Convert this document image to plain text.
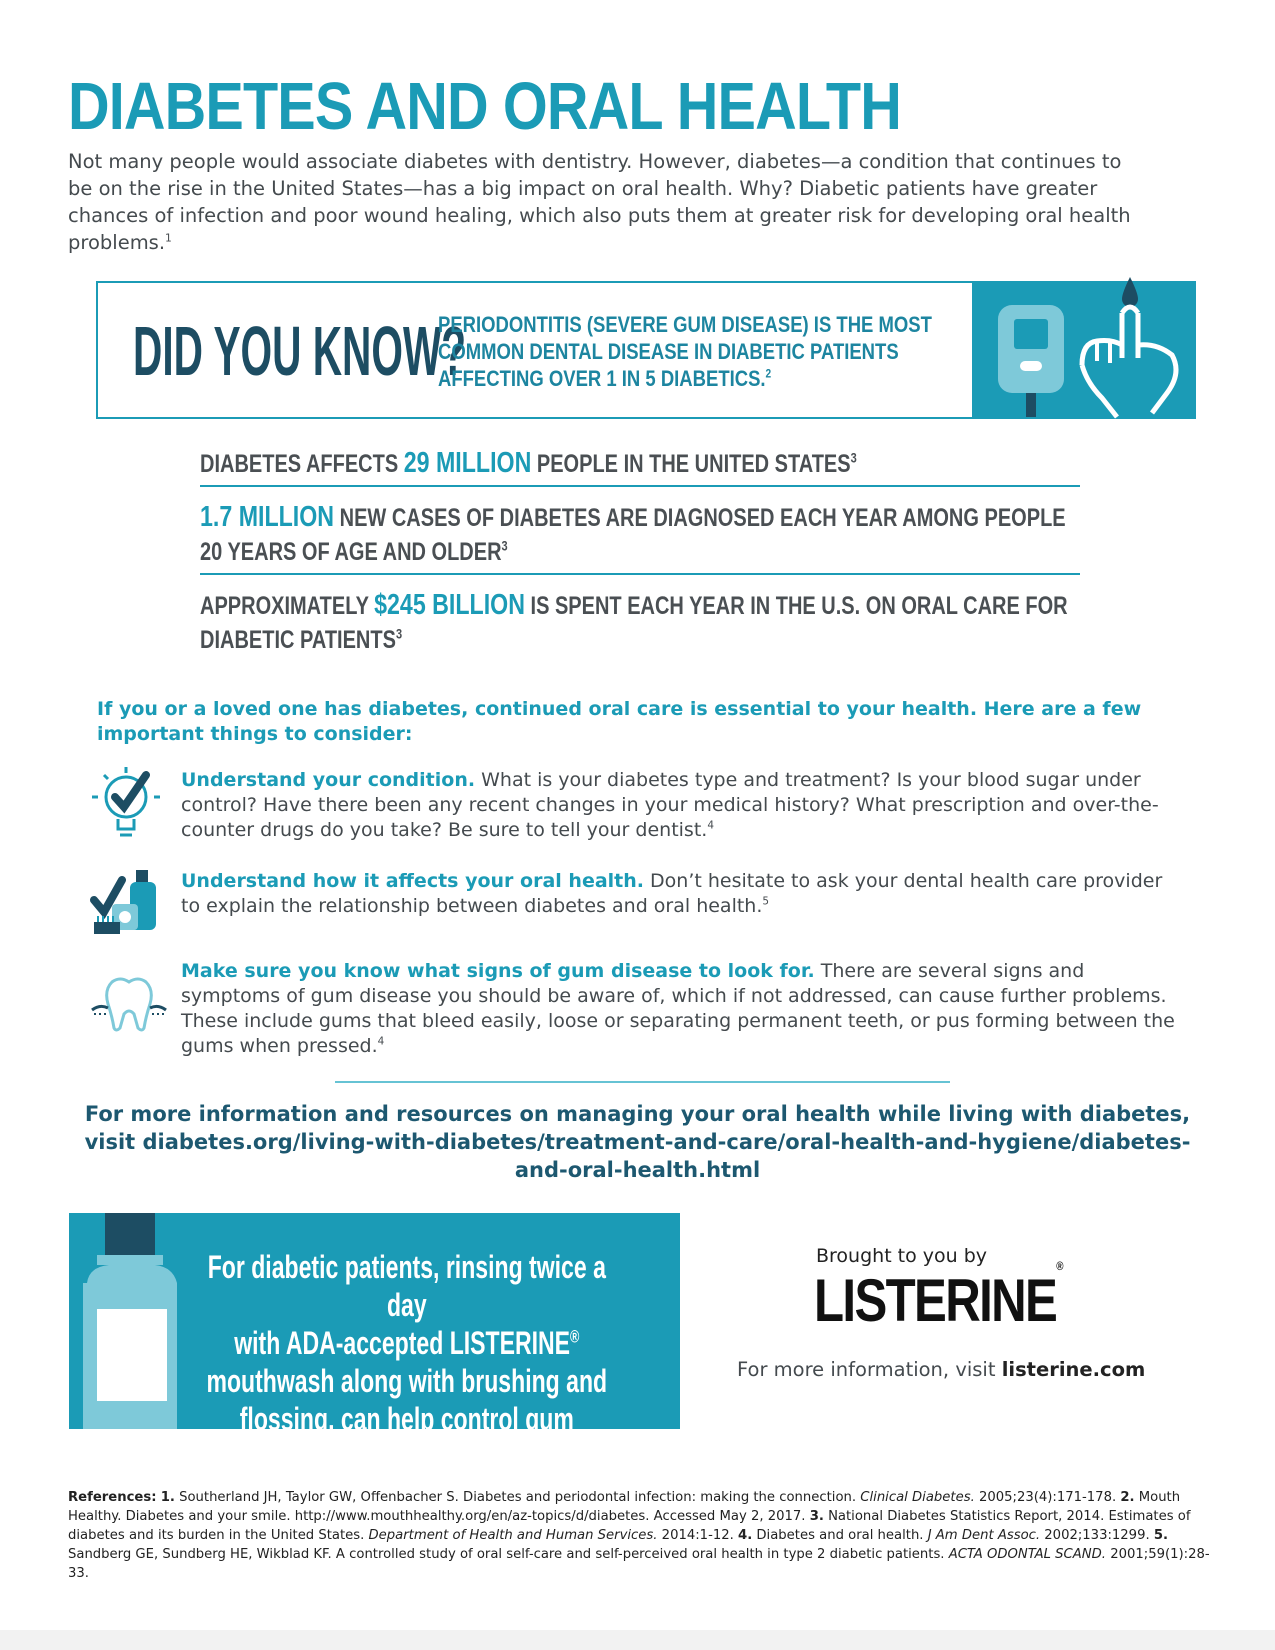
DIABETES AND ORAL HEALTH

Not many people would associate diabetes with dentistry. However, diabetes—a condition that continues to be on the rise in the United States—has a big impact on oral health. Why? Diabetic patients have greater chances of infection and poor wound healing, which also puts them at greater risk for developing oral health problems.$^1$

DID YOU KNOW?
PERIODONTITIS (SEVERE GUM DISEASE) IS THE MOST COMMON DENTAL DISEASE IN DIABETIC PATIENTS AFFECTING OVER 1 IN 5 DIABETICS.$^2$
DIABETES AFFECTS 29 MILLION PEOPLE IN THE UNITED STATES$^3$
1.7 MILLION NEW CASES OF DIABETES ARE DIAGNOSED EACH YEAR AMONG PEOPLE 20 YEARS OF AGE AND OLDER$^3$
APPROXIMATELY $245 BILLION IS SPENT EACH YEAR IN THE U.S. ON ORAL CARE FOR DIABETIC PATIENTS$^3$

If you or a loved one has diabetes, continued oral care is essential to your health. Here are a few important things to consider:

Understand your condition. What is your diabetes type and treatment? Is your blood sugar under control? Have there been any recent changes in your medical history? What prescription and over-the-counter drugs do you take? Be sure to tell your dentist.$^4$
Understand how it affects your oral health. Don’t hesitate to ask your dental health care provider to explain the relationship between diabetes and oral health.$^5$
Make sure you know what signs of gum disease to look for. There are several signs and symptoms of gum disease you should be aware of, which if not addressed, can cause further problems. These include gums that bleed easily, loose or separating permanent teeth, or pus forming between the gums when pressed.$^4$
For more information and resources on managing your oral health while living with diabetes,
visit diabetes.org/living-with-diabetes/treatment-and-care/oral-health-and-hygiene/diabetes-and-oral-health.html
For diabetic patients, rinsing twice a day
with ADA-accepted LISTERINE®
mouthwash along with brushing and
flossing, can help control gum disease.$^4$
Brought to you by
LISTERINE®
For more information, visit listerine.com
References: 1. Southerland JH, Taylor GW, Offenbacher S. Diabetes and periodontal infection: making the connection. Clinical Diabetes. 2005;23(4):171-178. 2. Mouth Healthy. Diabetes and your smile. http://www.mouthhealthy.org/en/az-topics/d/diabetes. Accessed May 2, 2017. 3. National Diabetes Statistics Report, 2014. Estimates of diabetes and its burden in the United States. Department of Health and Human Services. 2014:1-12. 4. Diabetes and oral health. J Am Dent Assoc. 2002;133:1299. 5. Sandberg GE, Sundberg HE, Wikblad KF. A controlled study of oral self-care and self-perceived oral health in type 2 diabetic patients. ACTA ODONTAL SCAND. 2001;59(1):28-33.
